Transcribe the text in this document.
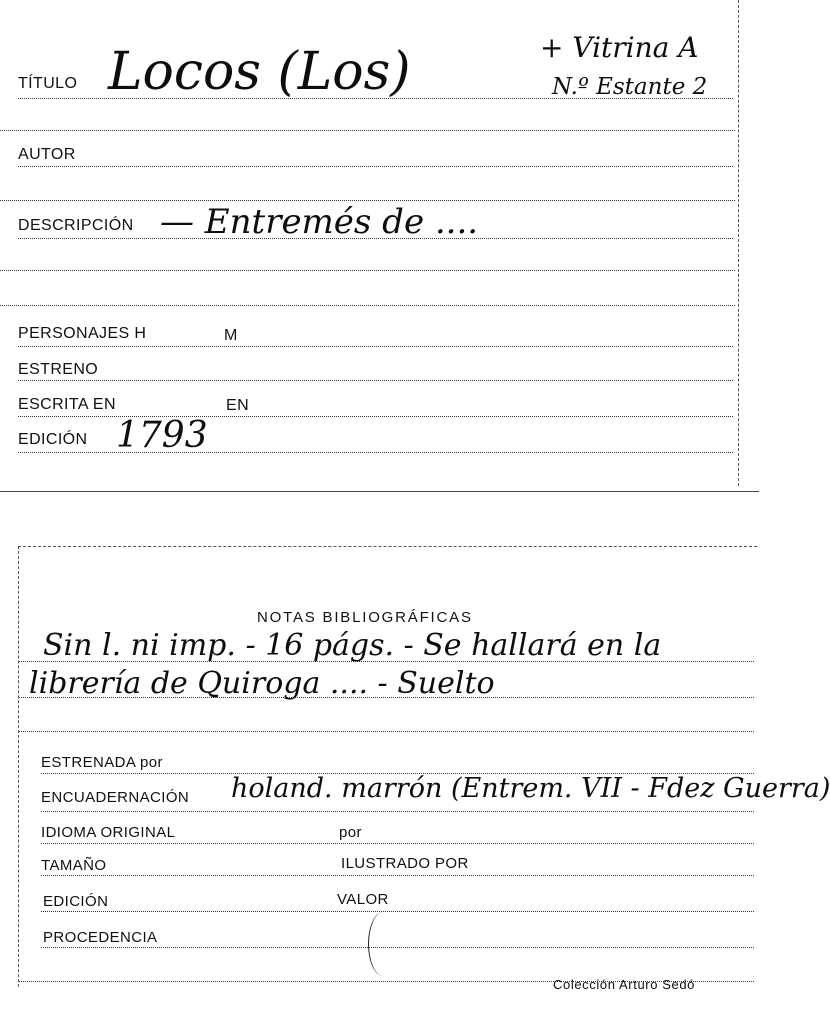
TÍTULO Locos (Los)	+ Vitrina A
N.º Estante 2
AUTOR
DESCRIPCIÓN — Entremés de ....
PERSONAJES H	M
ESTRENO
ESCRITA EN	EN
EDICIÓN 1793
NOTAS BIBLIOGRÁFICAS
Sin l. ni imp. - 16 págs. - Se hallará en la
librería de Quiroga .... - Suelto
ESTRENADA por
ENCUADERNACIÓN holand. marrón (Entrem. VII - Fdez Guerra)
IDIOMA ORIGINAL	por
TAMAÑO	ILUSTRADO POR
EDICIÓN	VALOR
PROCEDENCIA
Colección Arturo Sedó
